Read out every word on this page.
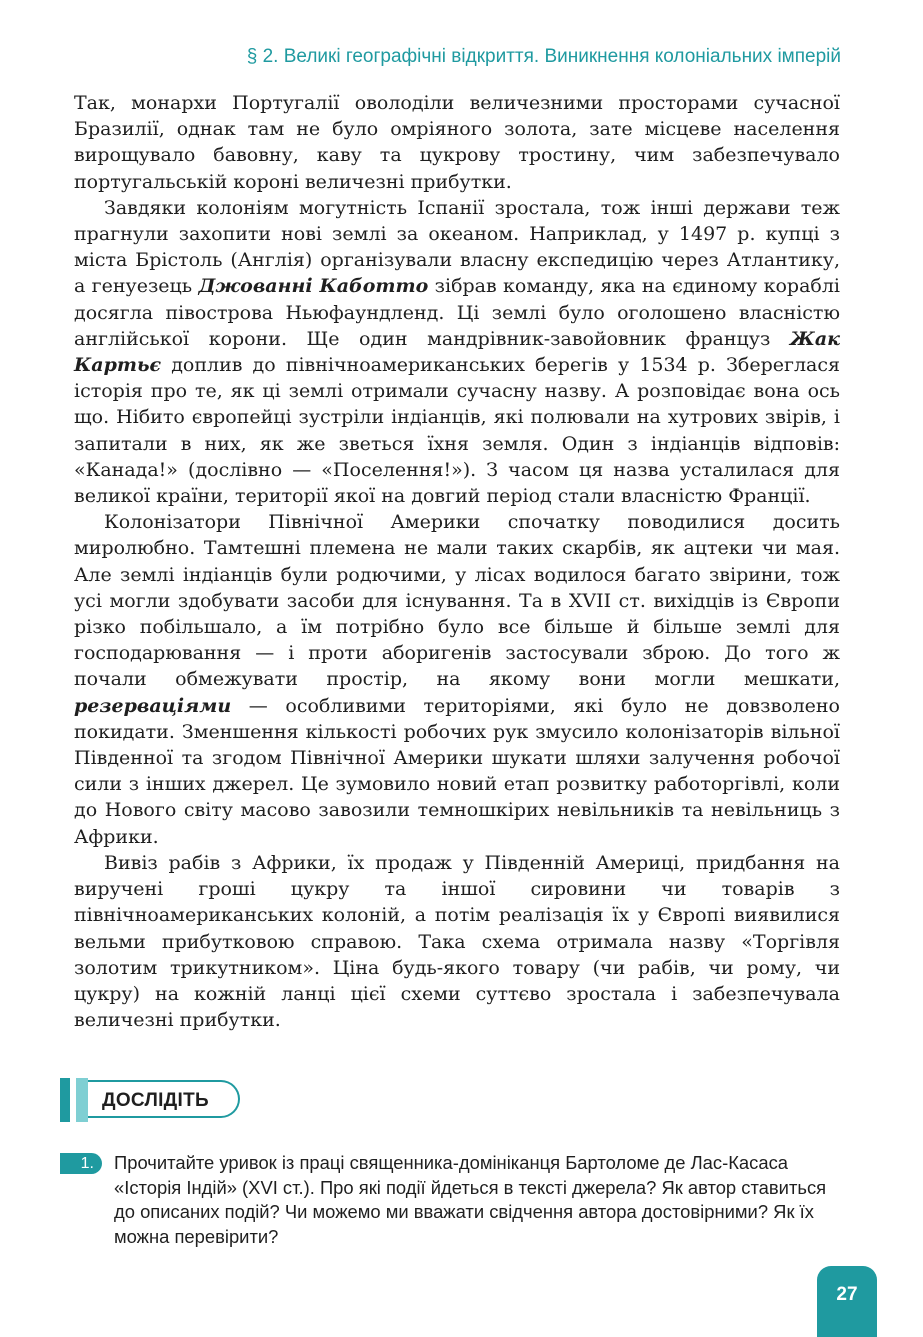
§ 2. Великі географічні відкриття. Виникнення колоніальних імперій

Так, монархи Португалії оволоділи величезними просторами сучасної Бразилії, однак там не було омріяного золота, зате місцеве населення вирощувало бавовну, каву та цукрову тростину, чим забезпечувало португальській короні величезні прибутки.

Завдяки колоніям могутність Іспанії зростала, тож інші держави теж прагнули захопити нові землі за океаном. Наприклад, у 1497 р. купці з міста Брістоль (Англія) організували власну експедицію через Атлантику, а генуезець Джованні Каботто зібрав команду, яка на єдиному кораблі досягла півострова Ньюфаундленд. Ці землі було оголошено власністю англійської корони. Ще один мандрівник-завойовник француз Жак Картьє доплив до північноамериканських берегів у 1534 р. Збереглася історія про те, як ці землі отримали сучасну назву. А розповідає вона ось що. Нібито європейці зустріли індіанців, які полювали на хутрових звірів, і запитали в них, як же зветься їхня земля. Один з індіанців відповів: «Канада!» (дослівно — «Поселення!»). З часом ця назва усталилася для великої країни, території якої на довгий період стали власністю Франції.

Колонізатори Північної Америки спочатку поводилися досить миролюбно. Тамтешні племена не мали таких скарбів, як ацтеки чи мая. Але землі індіанців були родючими, у лісах водилося багато звірини, тож усі могли здобувати засоби для існування. Та в XVII ст. вихідців із Європи різко побільшало, а їм потрібно було все більше й більше землі для господарювання — і проти аборигенів застосували зброю. До того ж почали обмежувати простір, на якому вони могли мешкати, резерваціями — особливими територіями, які було не довзволено покидати. Зменшення кількості робочих рук змусило колонізаторів вільної Південної та згодом Північної Америки шукати шляхи залучення робочої сили з інших джерел. Це зумовило новий етап розвитку работоргівлі, коли до Нового світу масово завозили темношкірих невільників та невільниць з Африки.

Вивіз рабів з Африки, їх продаж у Південній Америці, придбання на виручені гроші цукру та іншої сировини чи товарів з північноамериканських колоній, а потім реалізація їх у Європі виявилися вельми прибутковою справою. Така схема отримала назву «Торгівля золотим трикутником». Ціна будь-якого товару (чи рабів, чи рому, чи цукру) на кожній ланці цієї схеми суттєво зростала і забезпечувала величезні прибутки.

ДОСЛІДІТЬ
1.	Прочитайте уривок із праці священника-домініканця Бартоломе де Лас-Касаса «Історія Індій» (XVI ст.). Про які події йдеться в тексті джерела? Як автор ставиться до описаних подій? Чи можемо ми вважати свідчення автора достовірними? Як їх можна перевірити?
27
